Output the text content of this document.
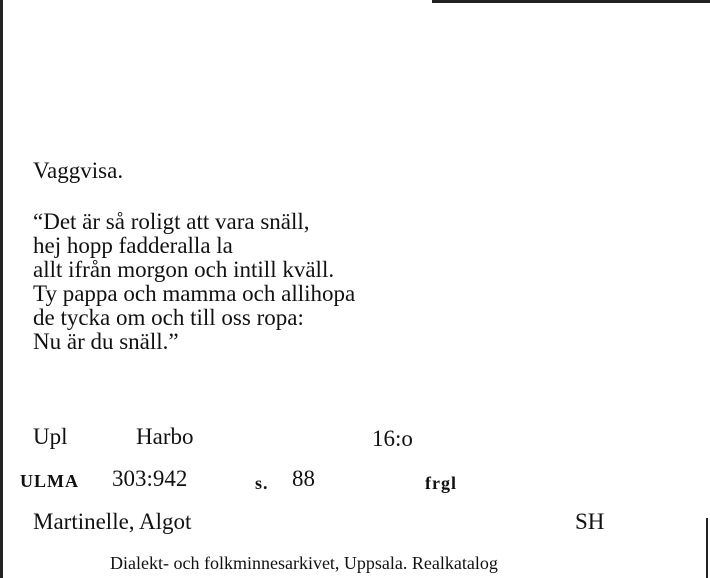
Vaggvisa.
“Det är så roligt att vara snäll,
hej hopp fadderalla la
allt ifrån morgon och intill kväll.
Ty pappa och mamma och allihopa
de tycka om och till oss ropa:
Nu är du snäll.”
Upl	Harbo	16:o
ULMA 303:942	s. 88	frgl
Martinelle, Algot	SH
Dialekt- och folkminnesarkivet, Uppsala. Realkatalog
